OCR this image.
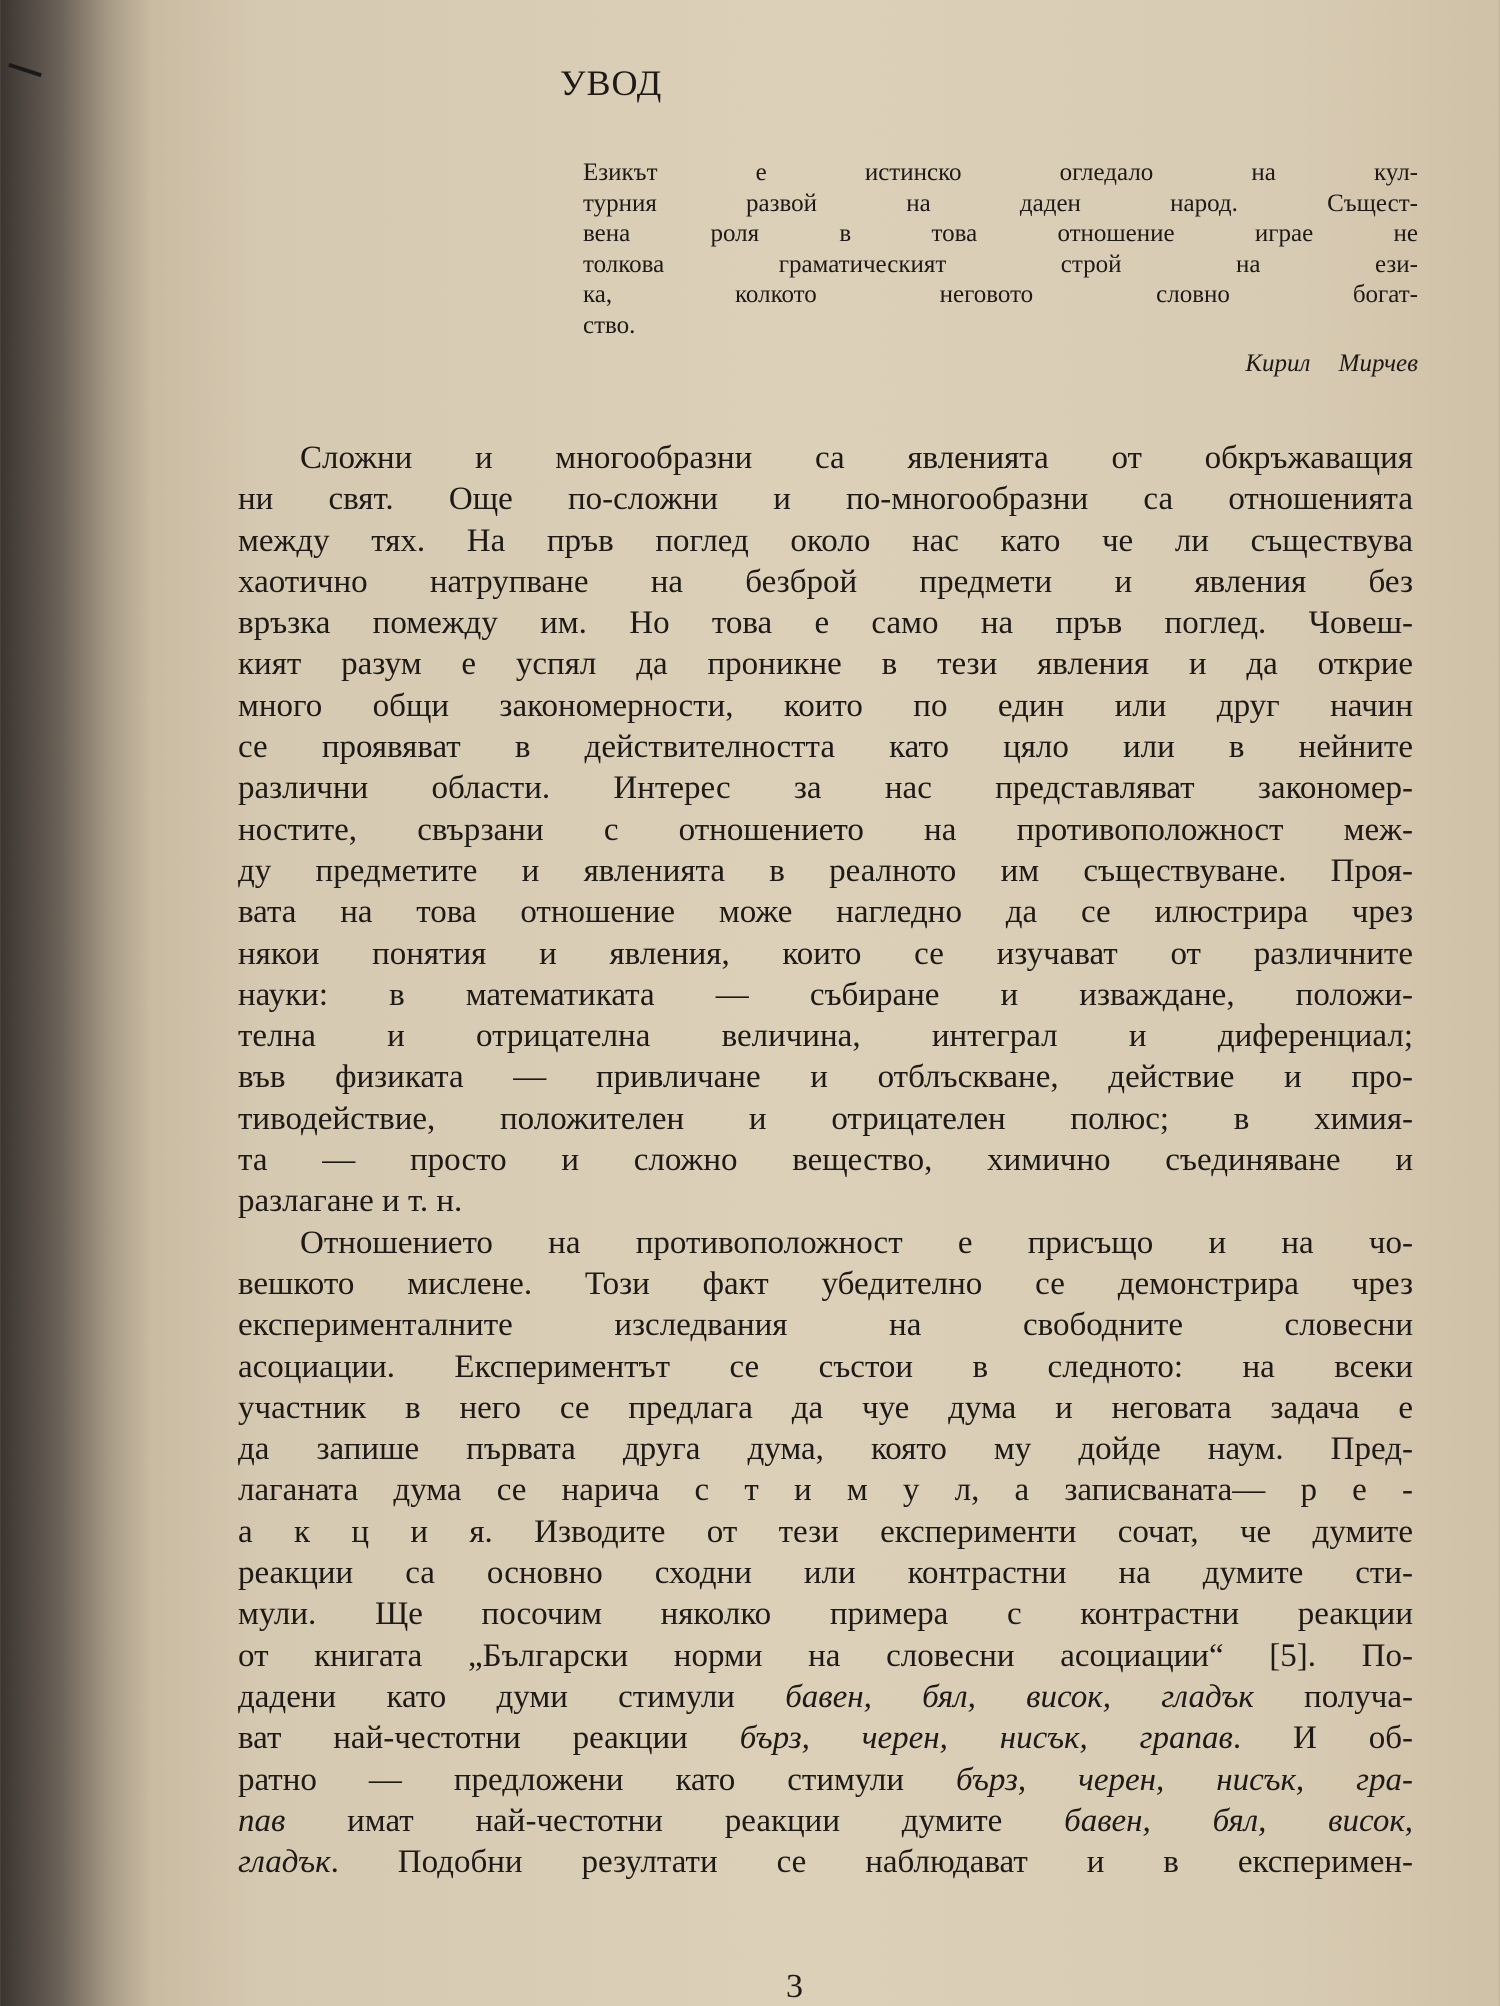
УВОД
Езикът е истинско огледало на кул-
турния развой на даден народ. Същест-
вена роля в това отношение играе не
толкова граматическият строй на ези-
ка, колкото неговото словно богат-
ство.
Кирил Мирчев
Сложни и многообразни са явленията от обкръжаващия
ни свят. Още по-сложни и по-многообразни са отношенията
между тях. На пръв поглед около нас като че ли съществува
хаотично натрупване на безброй предмети и явления без
връзка помежду им. Но това е само на пръв поглед. Човеш-
кият разум е успял да проникне в тези явления и да открие
много общи закономерности, които по един или друг начин
се проявяват в действителността като цяло или в нейните
различни области. Интерес за нас представляват закономер-
ностите, свързани с отношението на противоположност меж-
ду предметите и явленията в реалното им съществуване. Проя-
вата на това отношение може нагледно да се илюстрира чрез
някои понятия и явления, които се изучават от различните
науки: в математиката — събиране и изваждане, положи-
телна и отрицателна величина, интеграл и диференциал;
във физиката — привличане и отблъскване, действие и про-
тиводействие, положителен и отрицателен полюс; в химия-
та — просто и сложно вещество, химично съединяване и
разлагане и т. н.
Отношението на противоположност е присъщо и на чо-
вешкото мислене. Този факт убедително се демонстрира чрез
експерименталните изследвания на свободните словесни
асоциации. Експериментът се състои в следното: на всеки
участник в него се предлага да чуе дума и неговата задача е
да запише първата друга дума, която му дойде наум. Пред-
лаганата дума се нарича с т и м у л, а записваната— р е -
а к ц и я. Изводите от тези експерименти сочат, че думите
реакции са основно сходни или контрастни на думите сти-
мули. Ще посочим няколко примера с контрастни реакции
от книгата „Български норми на словесни асоциации“ [5]. По-
дадени като думи стимули бавен, бял, висок, гладък получа-
ват най-честотни реакции бърз, черен, нисък, грапав. И об-
ратно — предложени като стимули бърз, черен, нисък, гра-
пав имат най-честотни реакции думите бавен, бял, висок,
гладък. Подобни резултати се наблюдават и в експеримен-
3
